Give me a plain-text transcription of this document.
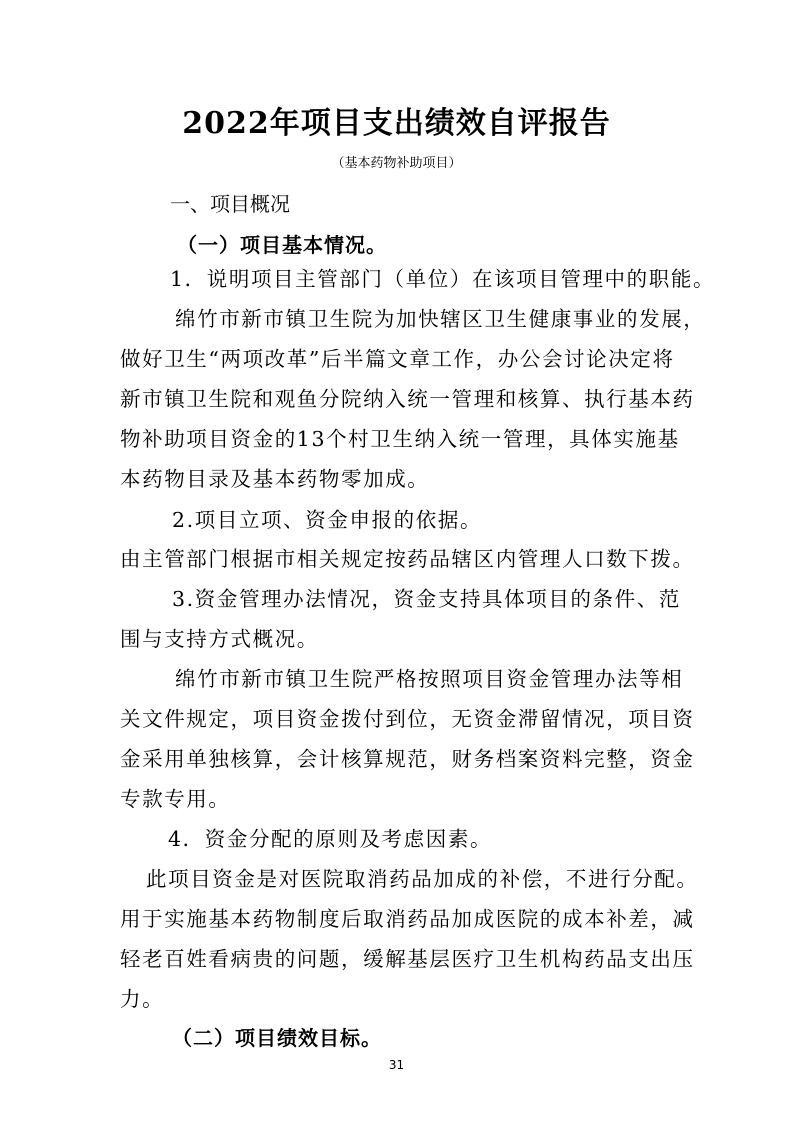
2022年项目支出绩效自评报告
（基本药物补助项目）
一、项目概况
（一）项目基本情况。
1．说明项目主管部门（单位）在该项目管理中的职能。
绵竹市新市镇卫生院为加快辖区卫生健康事业的发展，
做好卫生“两项改革”后半篇文章工作，办公会讨论决定将
新市镇卫生院和观鱼分院纳入统一管理和核算、执行基本药
物补助项目资金的13个村卫生纳入统一管理，具体实施基
本药物目录及基本药物零加成。
2.项目立项、资金申报的依据。
由主管部门根据市相关规定按药品辖区内管理人口数下拨。
3.资金管理办法情况，资金支持具体项目的条件、范
围与支持方式概况。
绵竹市新市镇卫生院严格按照项目资金管理办法等相
关文件规定，项目资金拨付到位，无资金滞留情况，项目资
金采用单独核算，会计核算规范，财务档案资料完整，资金
专款专用。
4．资金分配的原则及考虑因素。
此项目资金是对医院取消药品加成的补偿，不进行分配。
用于实施基本药物制度后取消药品加成医院的成本补差，减
轻老百姓看病贵的问题，缓解基层医疗卫生机构药品支出压
力。
（二）项目绩效目标。
31
